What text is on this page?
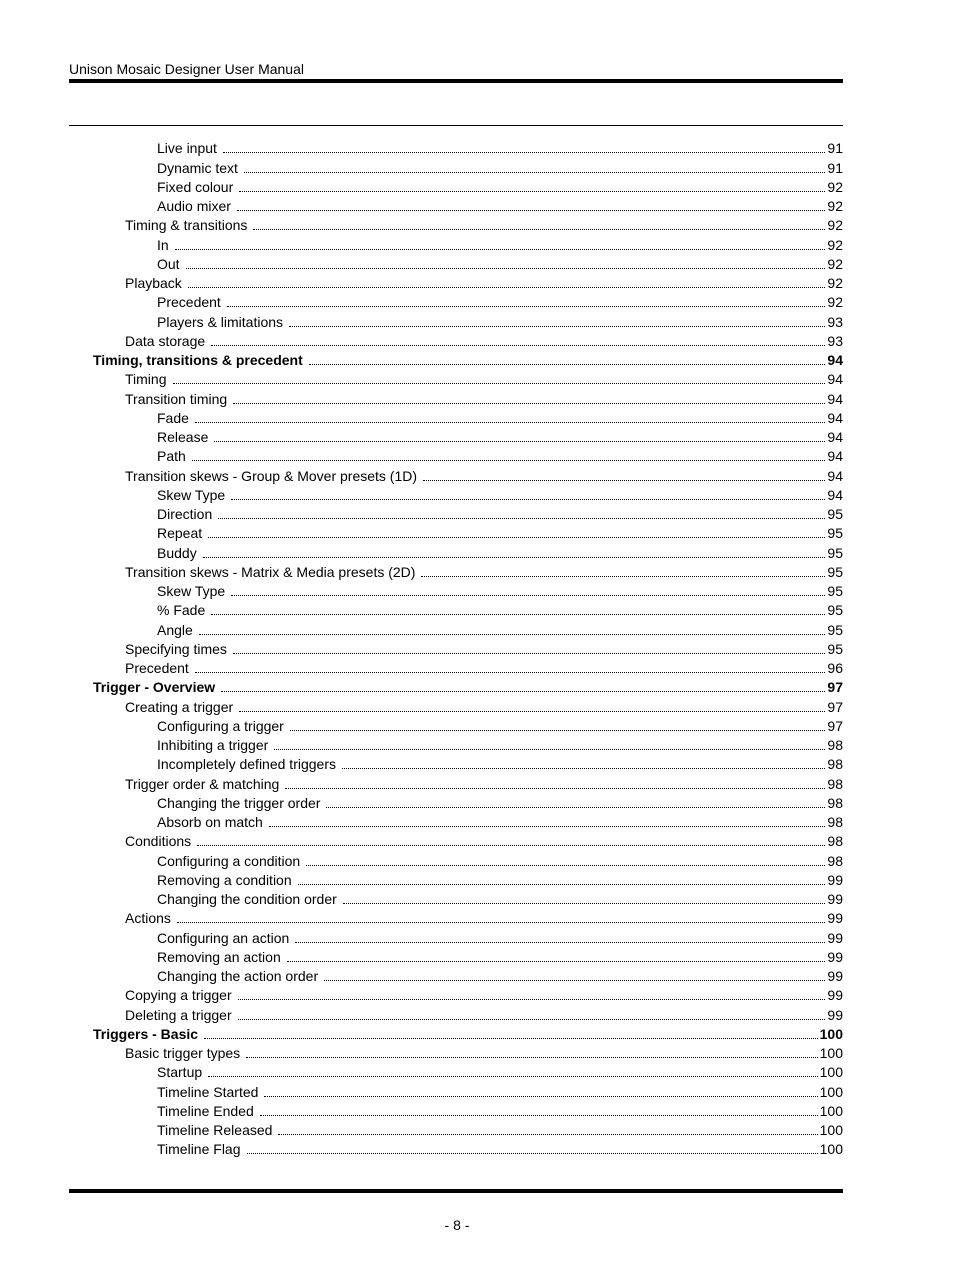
Unison Mosaic Designer User Manual
Live input	91
Dynamic text	91
Fixed colour	92
Audio mixer	92
Timing & transitions	92
In	92
Out	92
Playback	92
Precedent	92
Players & limitations	93
Data storage	93
Timing, transitions & precedent	94
Timing	94
Transition timing	94
Fade	94
Release	94
Path	94
Transition skews - Group & Mover presets (1D)	94
Skew Type	94
Direction	95
Repeat	95
Buddy	95
Transition skews - Matrix & Media presets (2D)	95
Skew Type	95
% Fade	95
Angle	95
Specifying times	95
Precedent	96
Trigger - Overview	97
Creating a trigger	97
Configuring a trigger	97
Inhibiting a trigger	98
Incompletely defined triggers	98
Trigger order & matching	98
Changing the trigger order	98
Absorb on match	98
Conditions	98
Configuring a condition	98
Removing a condition	99
Changing the condition order	99
Actions	99
Configuring an action	99
Removing an action	99
Changing the action order	99
Copying a trigger	99
Deleting a trigger	99
Triggers - Basic	100
Basic trigger types	100
Startup	100
Timeline Started	100
Timeline Ended	100
Timeline Released	100
Timeline Flag	100
- 8 -
